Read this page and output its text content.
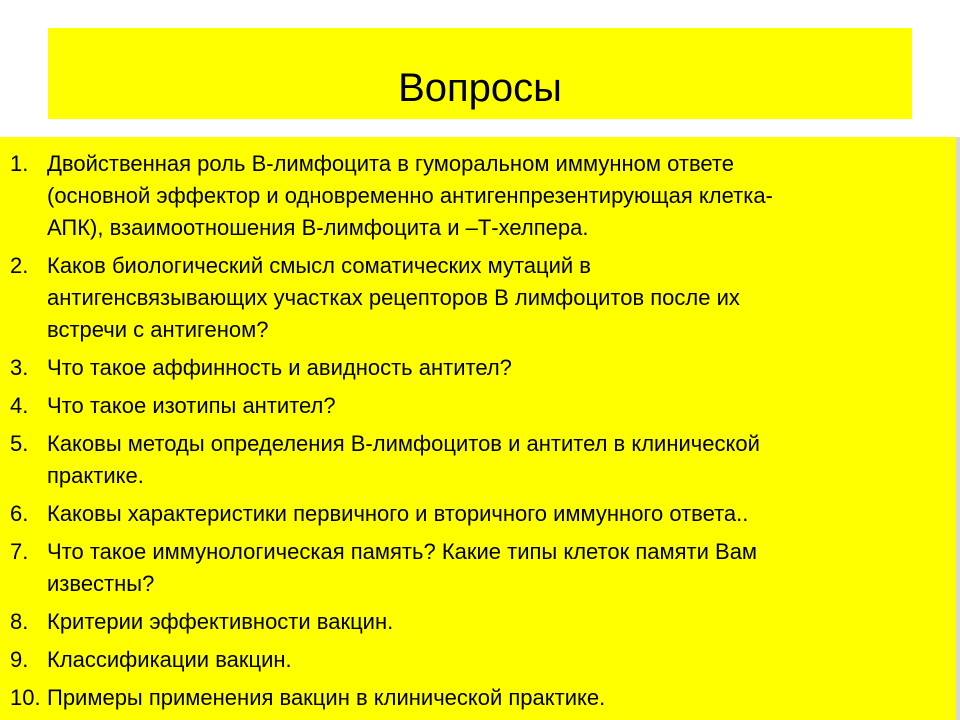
Вопросы
1. Двойственная роль В-лимфоцита в гуморальном иммунном ответе
(основной эффектор и одновременно антигенпрезентирующая клетка-
АПК), взаимоотношения В-лимфоцита и –Т-хелпера.
2. Каков биологический смысл соматических мутаций в
антигенсвязывающих участках рецепторов В лимфоцитов после их
встречи с антигеном?
3. Что такое аффинность и авидность антител?
4. Что такое изотипы антител?
5. Каковы методы определения В-лимфоцитов и антител в клинической
практике.
6. Каковы характеристики первичного и вторичного иммунного ответа..
7. Что такое иммунологическая память? Какие типы клеток памяти Вам
известны?
8. Критерии эффективности вакцин.
9. Классификации вакцин.
10. Примеры применения вакцин в клинической практике.
